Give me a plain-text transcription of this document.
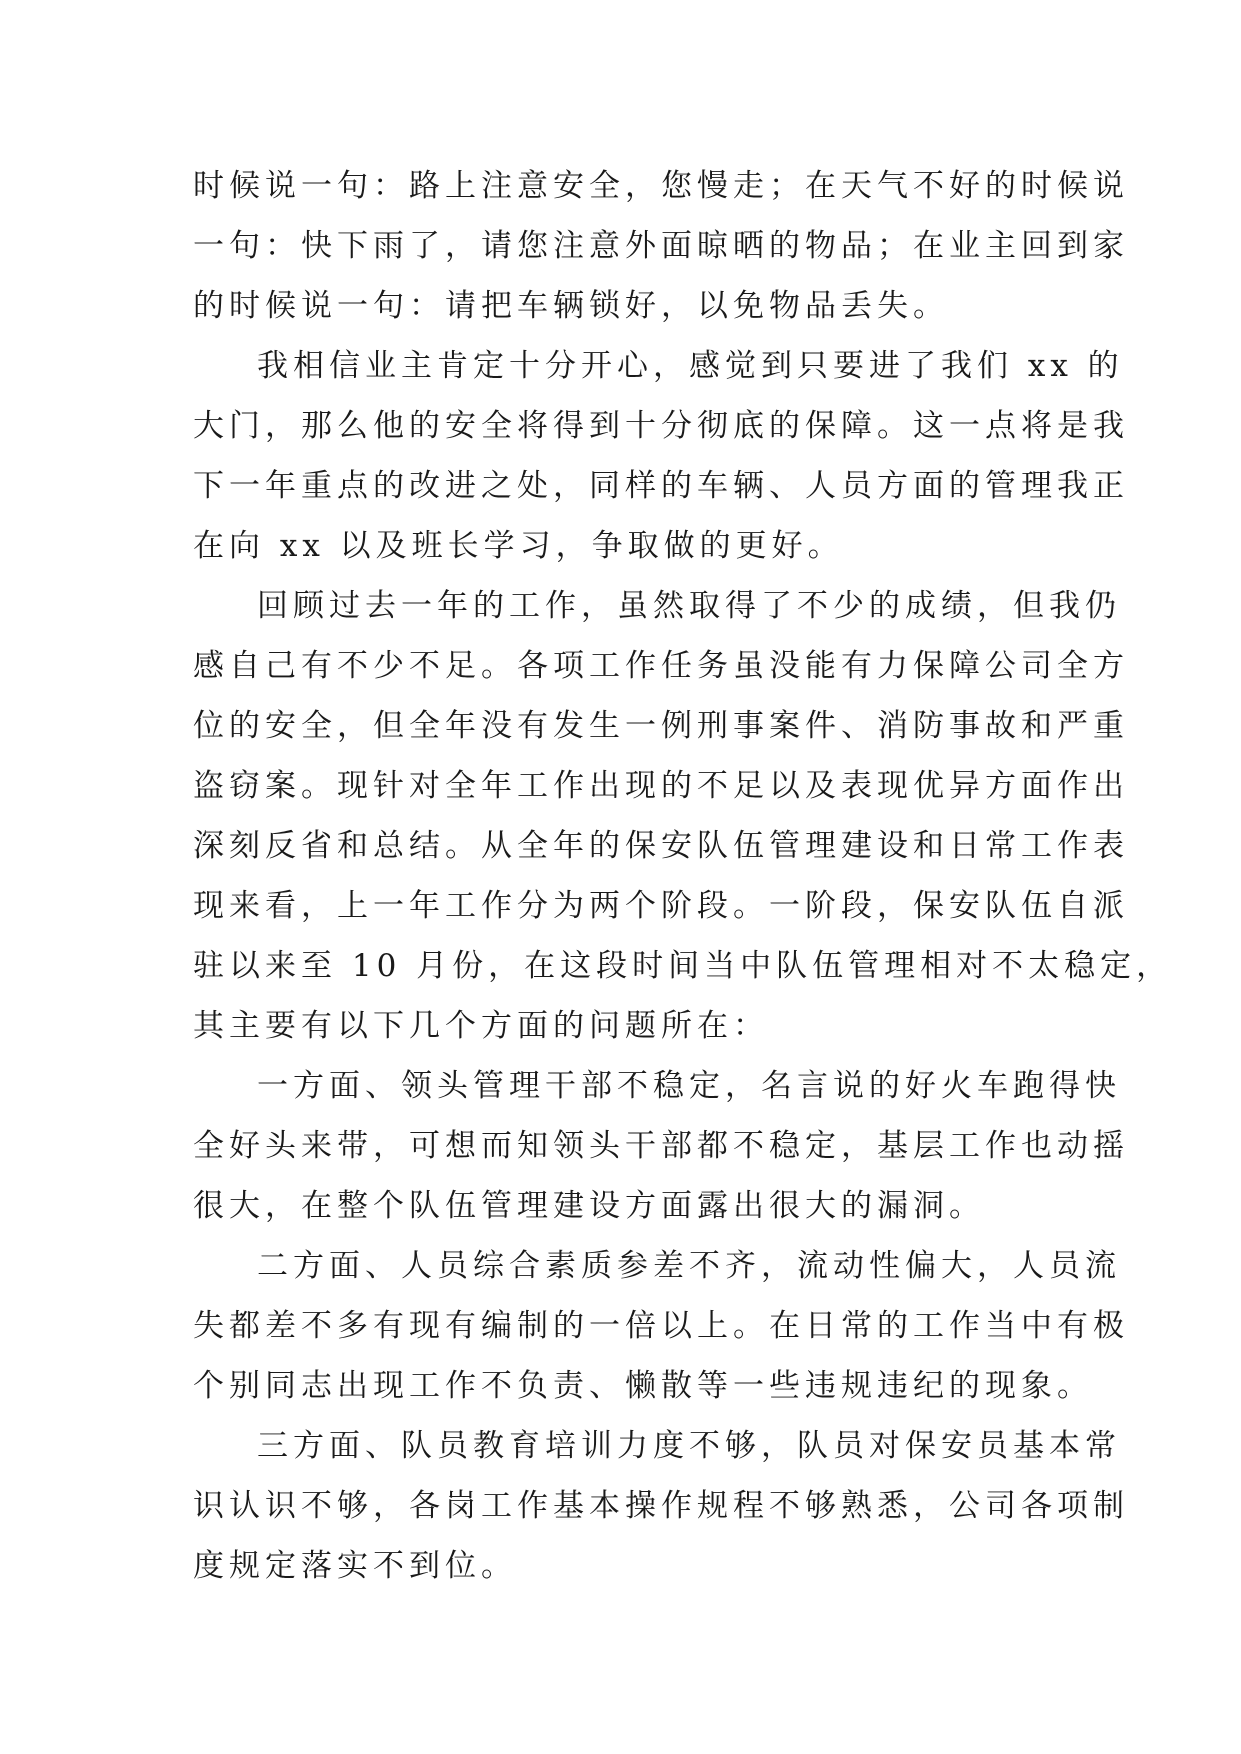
时候说一句：路上注意安全，您慢走；在天气不好的时候说
一句：快下雨了，请您注意外面晾晒的物品；在业主回到家
的时候说一句：请把车辆锁好，以免物品丢失。
我相信业主肯定十分开心，感觉到只要进了我们 xx 的
大门，那么他的安全将得到十分彻底的保障。这一点将是我
下一年重点的改进之处，同样的车辆、人员方面的管理我正
在向 xx 以及班长学习，争取做的更好。
回顾过去一年的工作，虽然取得了不少的成绩，但我仍
感自己有不少不足。各项工作任务虽没能有力保障公司全方
位的安全，但全年没有发生一例刑事案件、消防事故和严重
盗窃案。现针对全年工作出现的不足以及表现优异方面作出
深刻反省和总结。从全年的保安队伍管理建设和日常工作表
现来看，上一年工作分为两个阶段。一阶段，保安队伍自派
驻以来至 10 月份，在这段时间当中队伍管理相对不太稳定，
其主要有以下几个方面的问题所在：
一方面、领头管理干部不稳定，名言说的好火车跑得快
全好头来带，可想而知领头干部都不稳定，基层工作也动摇
很大，在整个队伍管理建设方面露出很大的漏洞。
二方面、人员综合素质参差不齐，流动性偏大，人员流
失都差不多有现有编制的一倍以上。在日常的工作当中有极
个别同志出现工作不负责、懒散等一些违规违纪的现象。
三方面、队员教育培训力度不够，队员对保安员基本常
识认识不够，各岗工作基本操作规程不够熟悉，公司各项制
度规定落实不到位。
